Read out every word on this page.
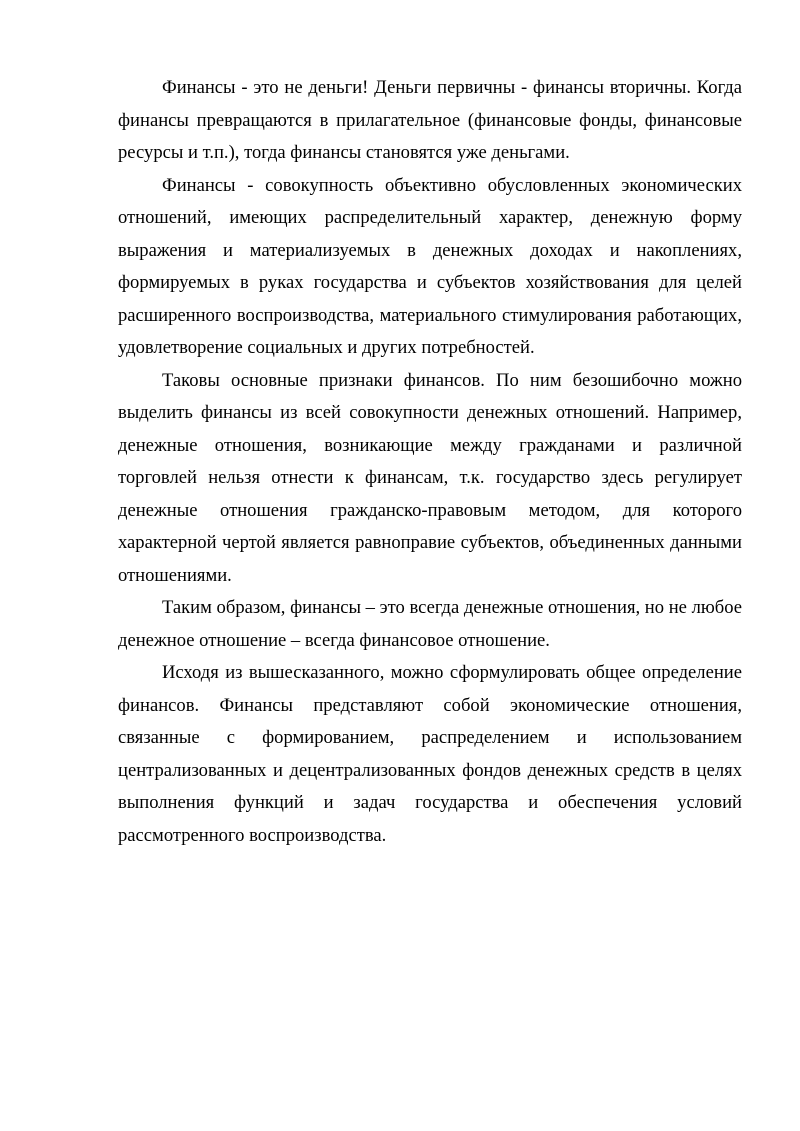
Финансы - это не деньги! Деньги первичны - финансы вторичны. Когда финансы превращаются в прилагательное (финансовые фонды, финансовые ресурсы и т.п.), тогда финансы становятся уже деньгами.

Финансы - совокупность объективно обусловленных экономических отношений, имеющих распределительный характер, денежную форму выражения и материализуемых в денежных доходах и накоплениях, формируемых в руках государства и субъектов хозяйствования для целей расширенного воспроизводства, материального стимулирования работающих, удовлетворение социальных и других потребностей.

Таковы основные признаки финансов. По ним безошибочно можно выделить финансы из всей совокупности денежных отношений. Например, денежные отношения, возникающие между гражданами и различной торговлей нельзя отнести к финансам, т.к. государство здесь регулирует денежные отношения гражданско-правовым методом, для которого характерной чертой является равноправие субъектов, объединенных данными отношениями.

Таким образом, финансы – это всегда денежные отношения, но не любое денежное отношение – всегда финансовое отношение.

Исходя из вышесказанного, можно сформулировать общее определение финансов. Финансы представляют собой экономические отношения, связанные с формированием, распределением и использованием централизованных и децентрализованных фондов денежных средств в целях выполнения функций и задач государства и обеспечения условий рассмотренного воспроизводства.
